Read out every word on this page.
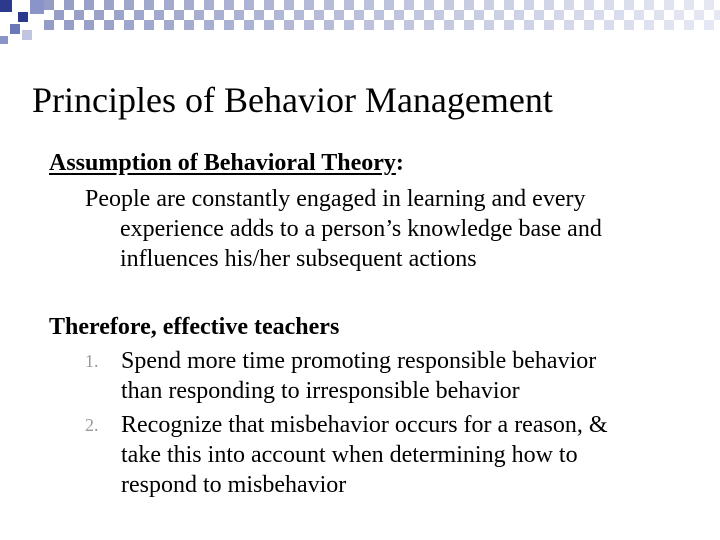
Principles of Behavior Management
Assumption of Behavioral Theory:
People are constantly engaged in learning and every
experience adds to a person’s knowledge base and
influences his/her subsequent actions
Therefore, effective teachers
1. Spend more time promoting responsible behavior
than responding to irresponsible behavior
2. Recognize that misbehavior occurs for a reason, &
take this into account when determining how to
respond to misbehavior
